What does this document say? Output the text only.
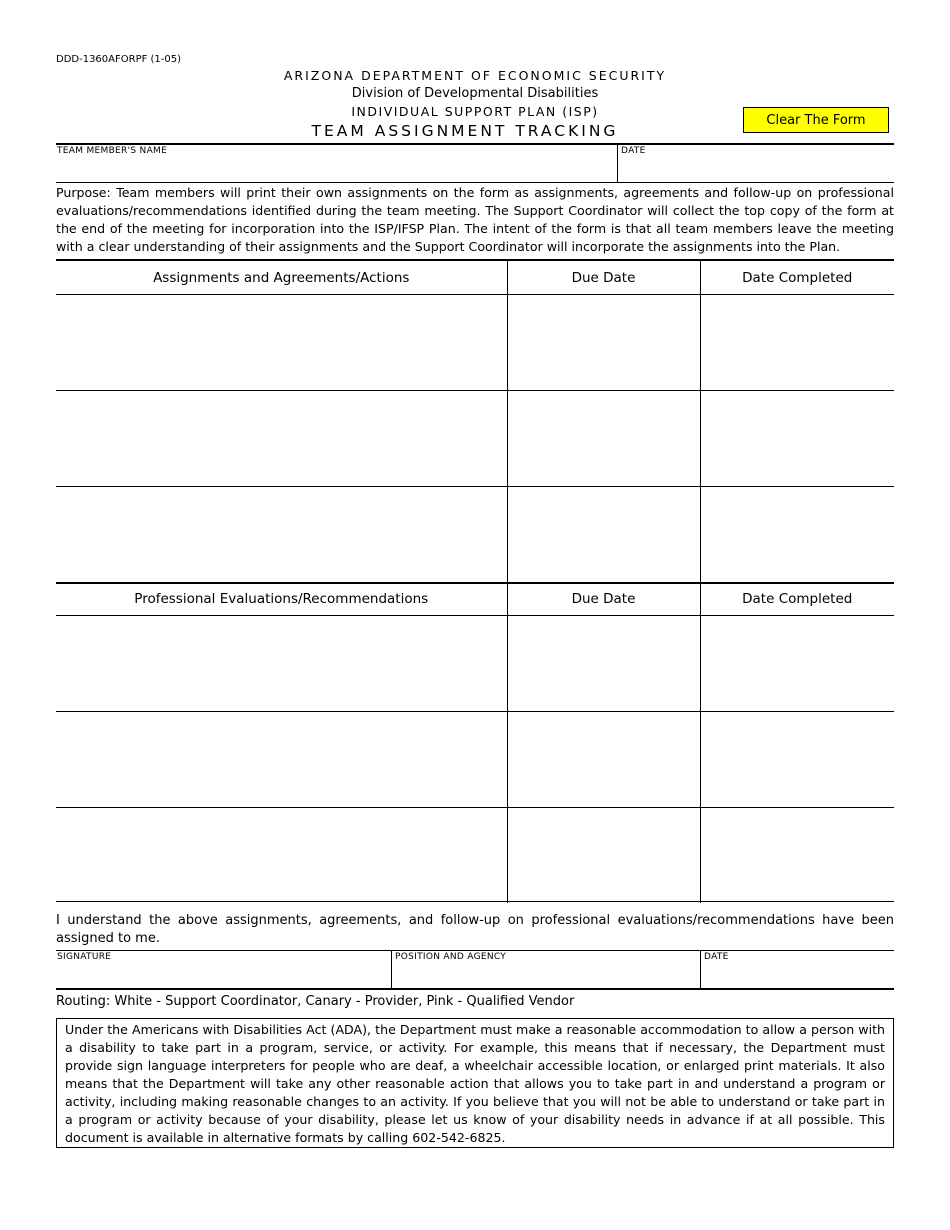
DDD-1360AFORPF (1-05)
ARIZONA DEPARTMENT OF ECONOMIC SECURITY
Division of Developmental Disabilities
INDIVIDUAL SUPPORT PLAN (ISP)
TEAM ASSIGNMENT TRACKING
Clear The Form
TEAM MEMBER'S NAME	DATE
Purpose: Team members will print their own assignments on the form as assignments, agreements and follow-up on professional evaluations/recommendations identified during the team meeting. The Support Coordinator will collect the top copy of the form at the end of the meeting for incorporation into the ISP/IFSP Plan. The intent of the form is that all team members leave the meeting with a clear understanding of their assignments and the Support Coordinator will incorporate the assignments into the Plan.
Assignments and Agreements/Actions	Due Date	Date Completed

Professional Evaluations/Recommendations	Due Date	Date Completed

I understand the above assignments, agreements, and follow-up on professional evaluations/recommendations have been assigned to me.
SIGNATURE	POSITION AND AGENCY	DATE
Routing: White - Support Coordinator, Canary - Provider, Pink - Qualified Vendor
Under the Americans with Disabilities Act (ADA), the Department must make a reasonable accommodation to allow a person with a disability to take part in a program, service, or activity. For example, this means that if necessary, the Department must provide sign language interpreters for people who are deaf, a wheelchair accessible location, or enlarged print materials. It also means that the Department will take any other reasonable action that allows you to take part in and understand a program or activity, including making reasonable changes to an activity. If you believe that you will not be able to understand or take part in a program or activity because of your disability, please let us know of your disability needs in advance if at all possible. This document is available in alternative formats by calling 602-542-6825.
